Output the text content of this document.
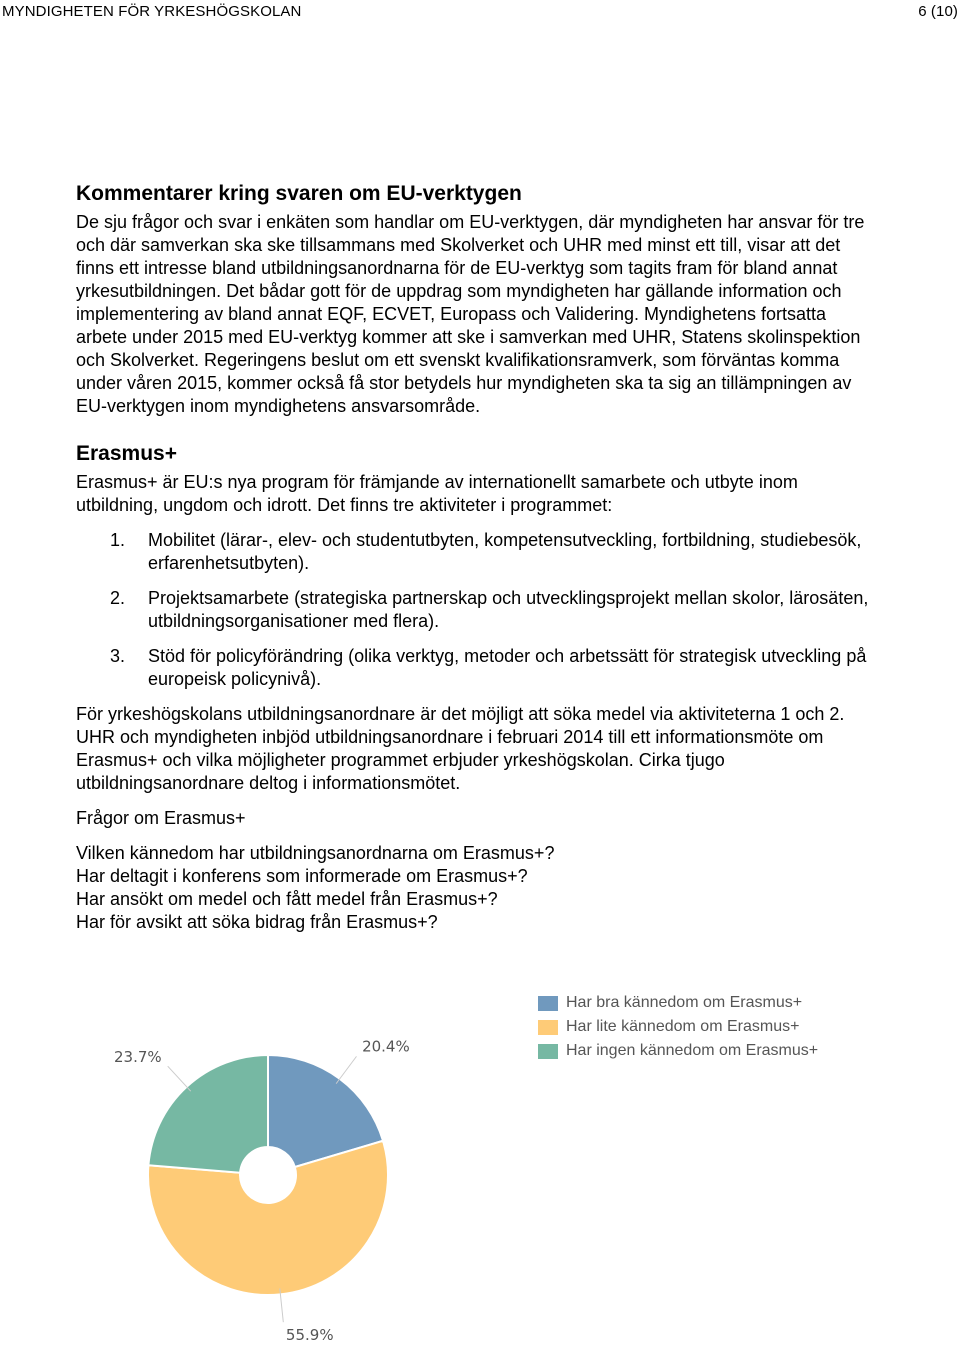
MYNDIGHETEN FÖR YRKESHÖGSKOLAN	6 (10)
Kommentarer kring svaren om EU-verktygen

De sju frågor och svar i enkäten som handlar om EU-verktygen, där myndigheten har ansvar för tre och där samverkan ska ske tillsammans med Skolverket och UHR med minst ett till, visar att det finns ett intresse bland utbildningsanordnarna för de EU-verktyg som tagits fram för bland annat yrkesutbildningen. Det bådar gott för de uppdrag som myndigheten har gällande information och implementering av bland annat EQF, ECVET, Europass och Validering. Myndighetens fortsatta arbete under 2015 med EU-verktyg kommer att ske i samverkan med UHR, Statens skolinspektion och Skolverket. Regeringens beslut om ett svenskt kvalifikationsramverk, som förväntas komma under våren 2015, kommer också få stor betydels hur myndigheten ska ta sig an tillämpningen av EU-verktygen inom myndighetens ansvarsområde.

Erasmus+

Erasmus+ är EU:s nya program för främjande av internationellt samarbete och utbyte inom utbildning, ungdom och idrott. Det finns tre aktiviteter i programmet:

1. Mobilitet (lärar-, elev- och studentutbyten, kompetensutveckling, fortbildning, studiebesök, erfarenhetsutbyten).
2. Projektsamarbete (strategiska partnerskap och utvecklingsprojekt mellan skolor, lärosäten, utbildningsorganisationer med flera).
3. Stöd för policyförändring (olika verktyg, metoder och arbetssätt för strategisk utveckling på europeisk policynivå).

För yrkeshögskolans utbildningsanordnare är det möjligt att söka medel via aktiviteterna 1 och 2. UHR och myndigheten inbjöd utbildningsanordnare i februari 2014 till ett informationsmöte om Erasmus+ och vilka möjligheter programmet erbjuder yrkeshögskolan. Cirka tjugo utbildningsanordnare deltog i informationsmötet.

Frågor om Erasmus+

Vilken kännedom har utbildningsanordnarna om Erasmus+?
Har deltagit i konferens som informerade om Erasmus+?
Har ansökt om medel och fått medel från Erasmus+?
Har för avsikt att söka bidrag från Erasmus+?
20.4%
55.9%
23.7%
Har bra kännedom om Erasmus+
Har lite kännedom om Erasmus+
Har ingen kännedom om Erasmus+
